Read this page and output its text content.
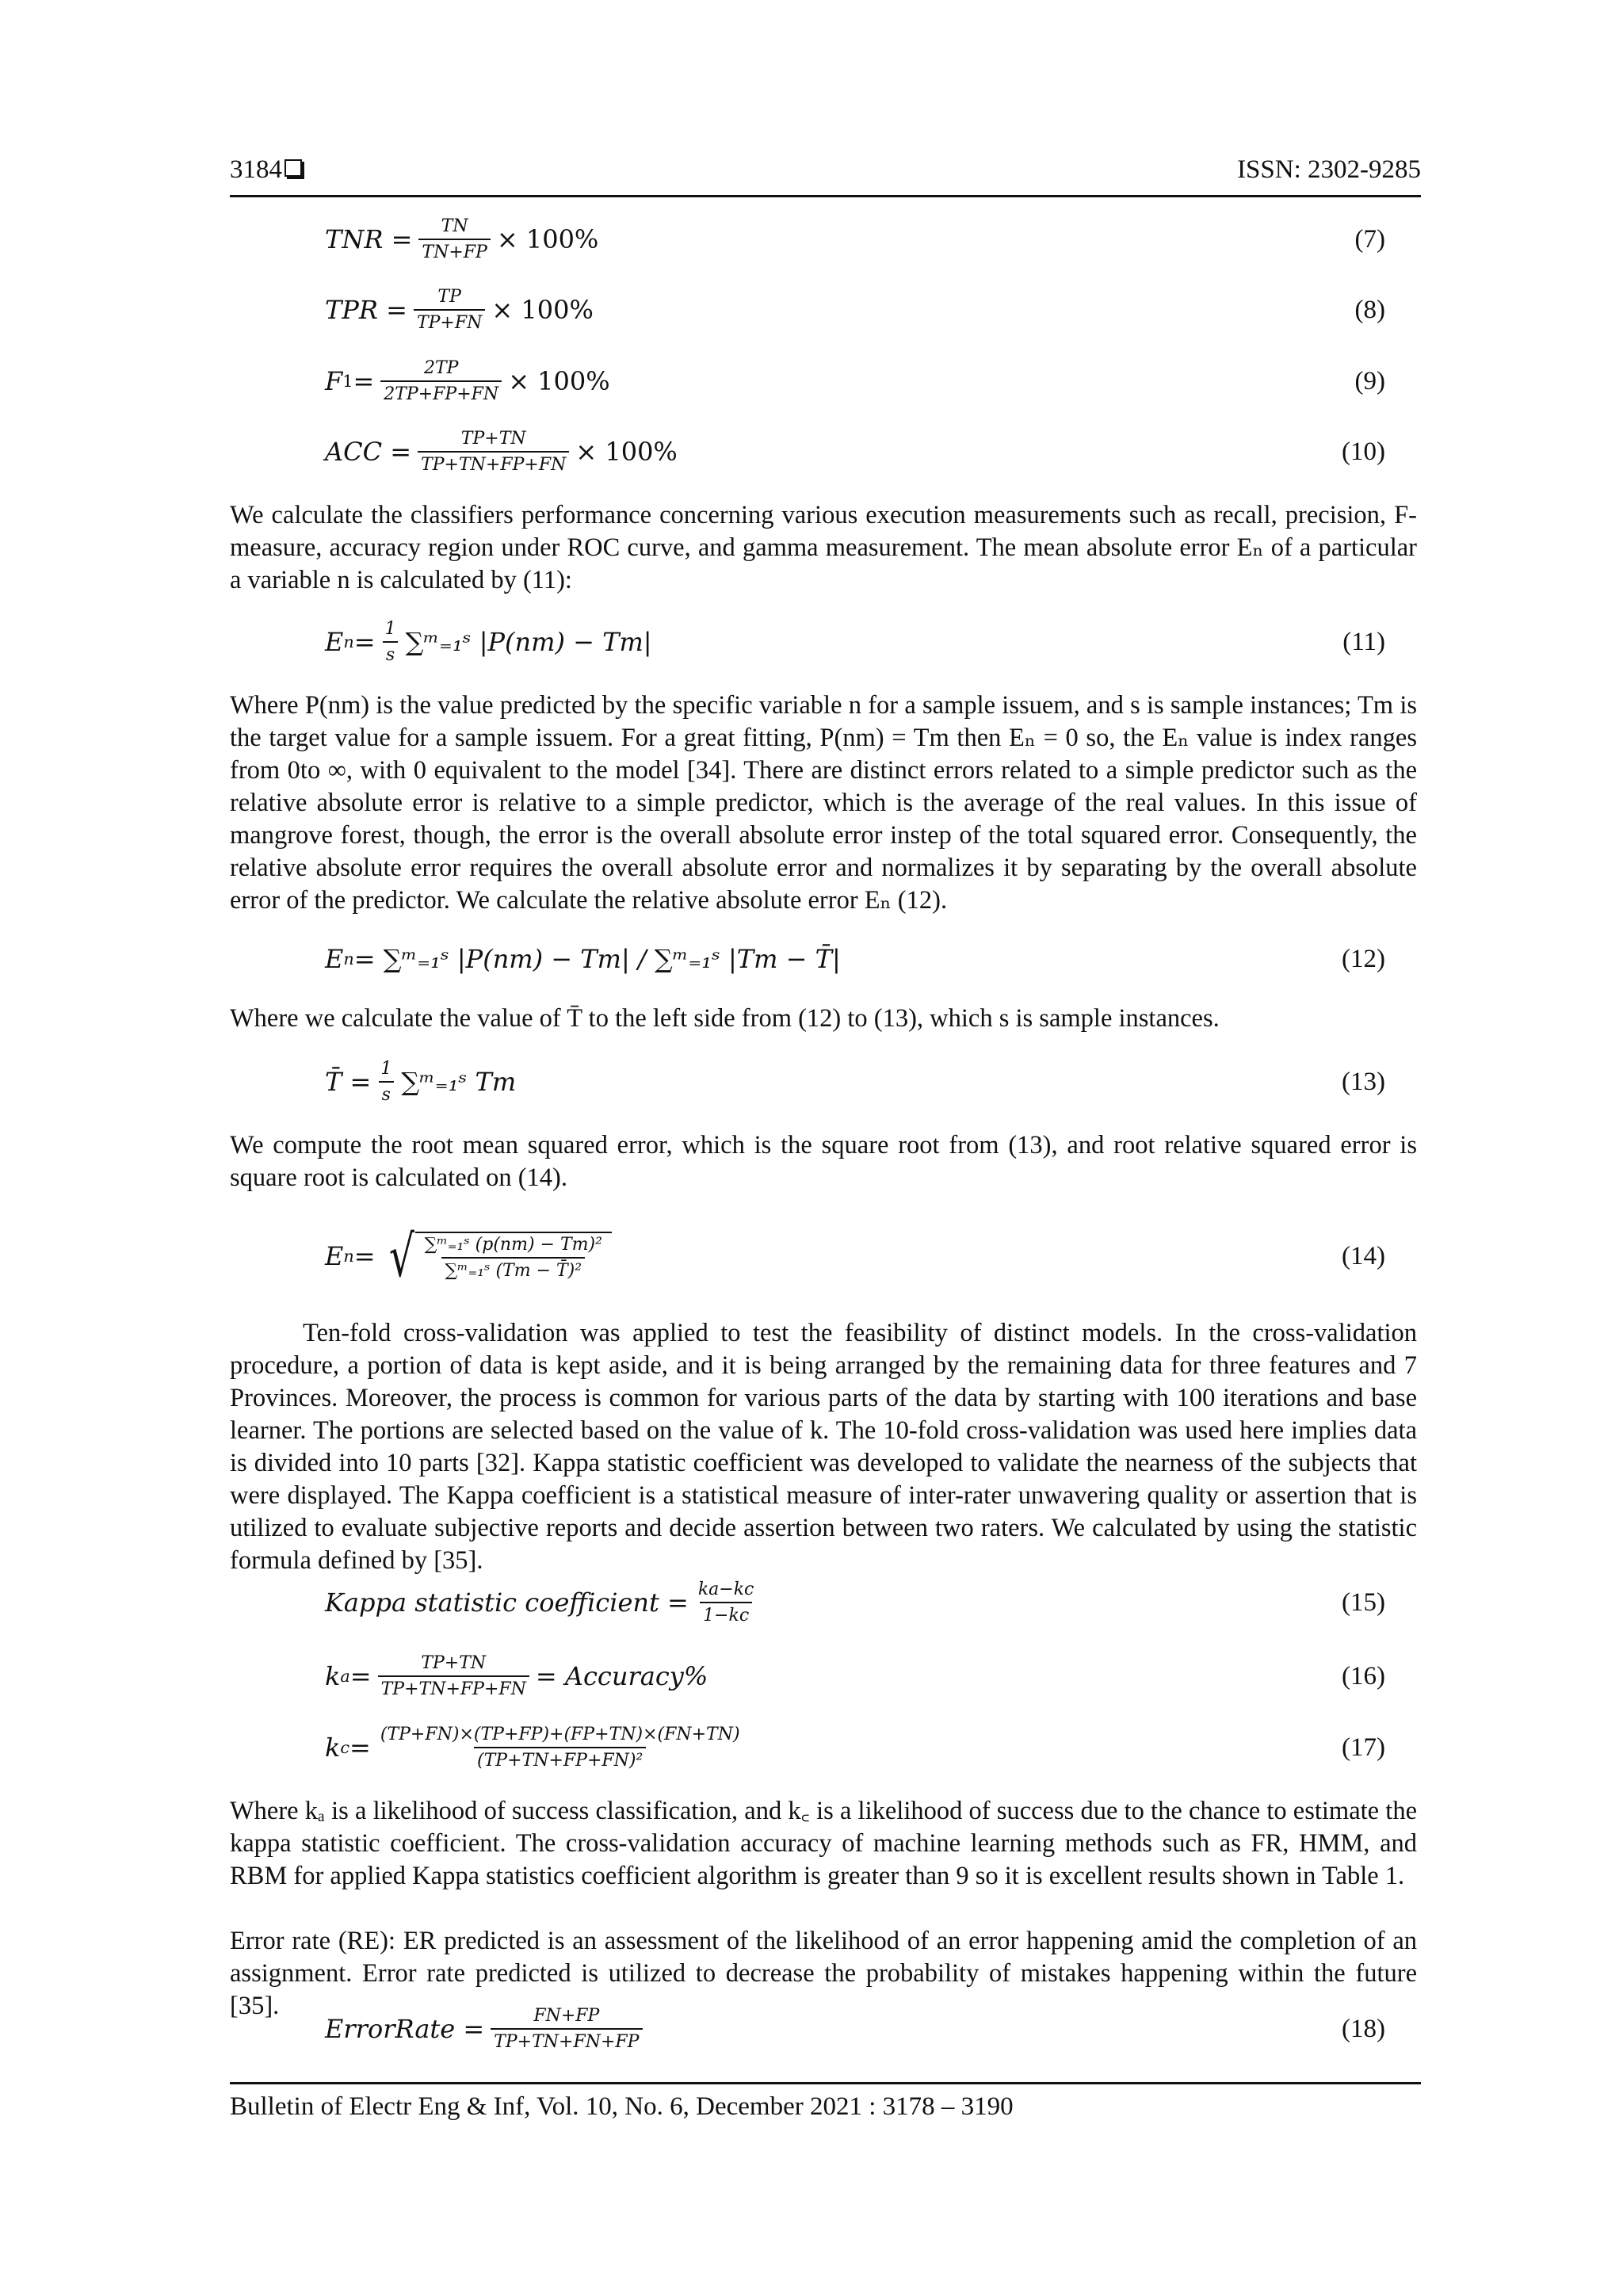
3184	ISSN: 2302-9285
TNR = $\frac{TN}{TN+FP} \times 100\%$	(7)
TPR = $\frac{TP}{TP+FN} \times 100\%$	(8)
F $1 = \frac{2TP}{2TP+FP+FN} \times 100\%$	(9)
ACC = $\frac{TP+TN}{TP+TN+FP+FN} \times 100\%$	(10)

We calculate the classifiers performance concerning various execution measurements such as recall, precision, F-measure, accuracy region under ROC curve, and gamma measurement. The mean absolute error Eₙ of a particular a variable n is calculated by (11):

E $n = \frac{1}{s}$ ∑ᵐ₌₁ˢ |P(nm) − Tm|	(11)

Where P(nm) is the value predicted by the specific variable n for a sample issuem, and s is sample instances; Tm is the target value for a sample issuem. For a great fitting, P(nm) = Tm then Eₙ = 0 so, the Eₙ value is index ranges from 0to ∞, with 0 equivalent to the model [34]. There are distinct errors related to a simple predictor such as the relative absolute error is relative to a simple predictor, which is the average of the real values. In this issue of mangrove forest, though, the error is the overall absolute error instep of the total squared error. Consequently, the relative absolute error requires the overall absolute error and normalizes it by separating by the overall absolute error of the predictor. We calculate the relative absolute error Eₙ (12).

E n =
∑ᵐ₌₁ˢ |P(nm) − Tm| / ∑ᵐ₌₁ˢ |Tm − T̄|	(12)

Where we calculate the value of T̄ to the left side from (12) to (13), which s is sample instances.

T̄ = $\frac{1}{s}$ ∑ᵐ₌₁ˢ Tm	(13)

We compute the root mean squared error, which is the square root from (13), and root relative squared error is square root is calculated on (14).

E n =
√ $\frac{\text{∑ᵐ₌₁ˢ (p(nm) − Tm)²}}{\text{∑ᵐ₌₁ˢ (Tm − T̄)²}}$	(14)

Ten-fold cross-validation was applied to test the feasibility of distinct models. In the cross-validation procedure, a portion of data is kept aside, and it is being arranged by the remaining data for three features and 7 Provinces. Moreover, the process is common for various parts of the data by starting with 100 iterations and base learner. The portions are selected based on the value of k. The 10-fold cross-validation was used here implies data is divided into 10 parts [32]. Kappa statistic coefficient was developed to validate the nearness of the subjects that were displayed. The Kappa coefficient is a statistical measure of inter-rater unwavering quality or assertion that is utilized to evaluate subjective reports and decide assertion between two raters. We calculated by using the statistic formula defined by [35].

Kappa statistic coefficient = $\frac{ka-kc}{1-kc}$	(15)
k $a = \frac{TP+TN}{TP+TN+FP+FN}$ = Accuracy%	(16)
k $c = \frac{(TP+FN)\times(TP+FP)+(FP+TN)\times(FN+TN)}{\text{(TP+TN+FP+FN)²}}$	(17)

Where kₐ is a likelihood of success classification, and k꜀ is a likelihood of success due to the chance to estimate the kappa statistic coefficient. The cross-validation accuracy of machine learning methods such as FR, HMM, and RBM for applied Kappa statistics coefficient algorithm is greater than 9 so it is excellent results shown in Table 1.

Error rate (RE): ER predicted is an assessment of the likelihood of an error happening amid the completion of an assignment. Error rate predicted is utilized to decrease the probability of mistakes happening within the future [35].

ErrorRate = $\frac{FN+FP}{TP+TN+FN+FP}$	(18)
Bulletin of Electr Eng & Inf, Vol. 10, No. 6, December 2021 : 3178 – 3190
